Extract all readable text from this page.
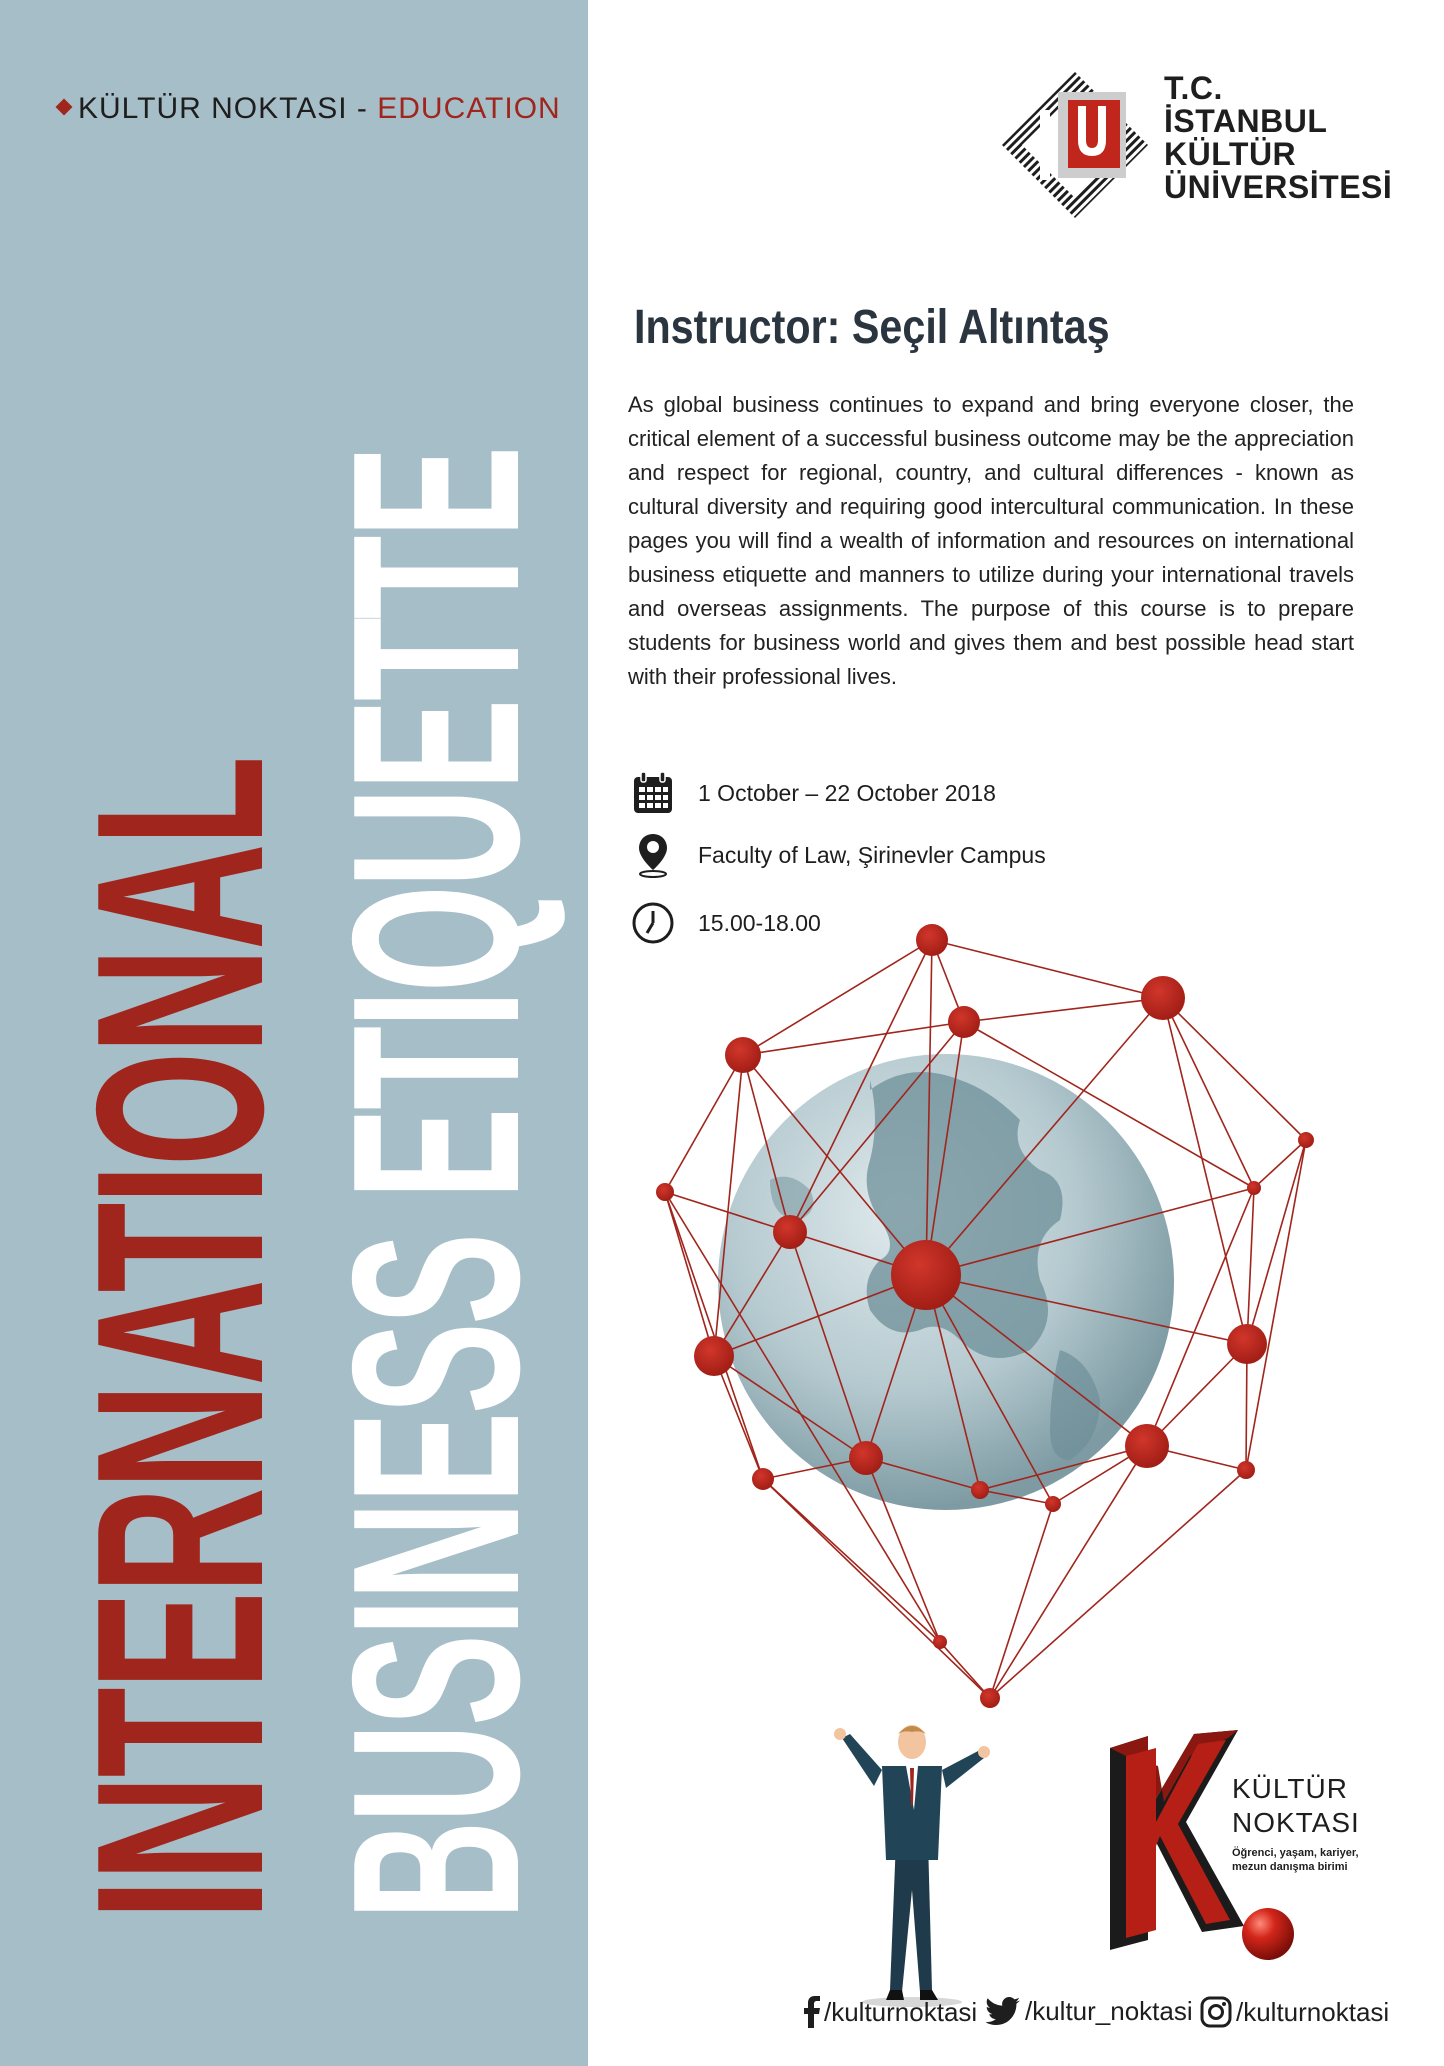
KÜLTÜR NOKTASI - EDUCATION
INTERNATIONAL
BUSINESS ETIQUETTE
T.C.
İSTANBUL
KÜLTÜR
ÜNİVERSİTESİ
Instructor: Seçil Altıntaş
As global business continues to expand and bring everyone closer, the critical element of a successful business outcome may be the appreciation and respect for regional, country, and cultural differences - known as cultural diversity and requiring good intercultural communication. In these pages you will find a wealth of information and resources on international business etiquette and manners to utilize during your international travels and overseas assignments. The purpose of this course is to prepare students for business world and gives them and best possible head start with their professional lives.
1 October – 22 October 2018
Faculty of Law, Şirinevler Campus
15.00-18.00
KÜLTÜR
NOKTASI
Öğrenci, yaşam, kariyer, mezun danışma birimi
/kulturnoktasi /kultur_noktasi /kulturnoktasi
